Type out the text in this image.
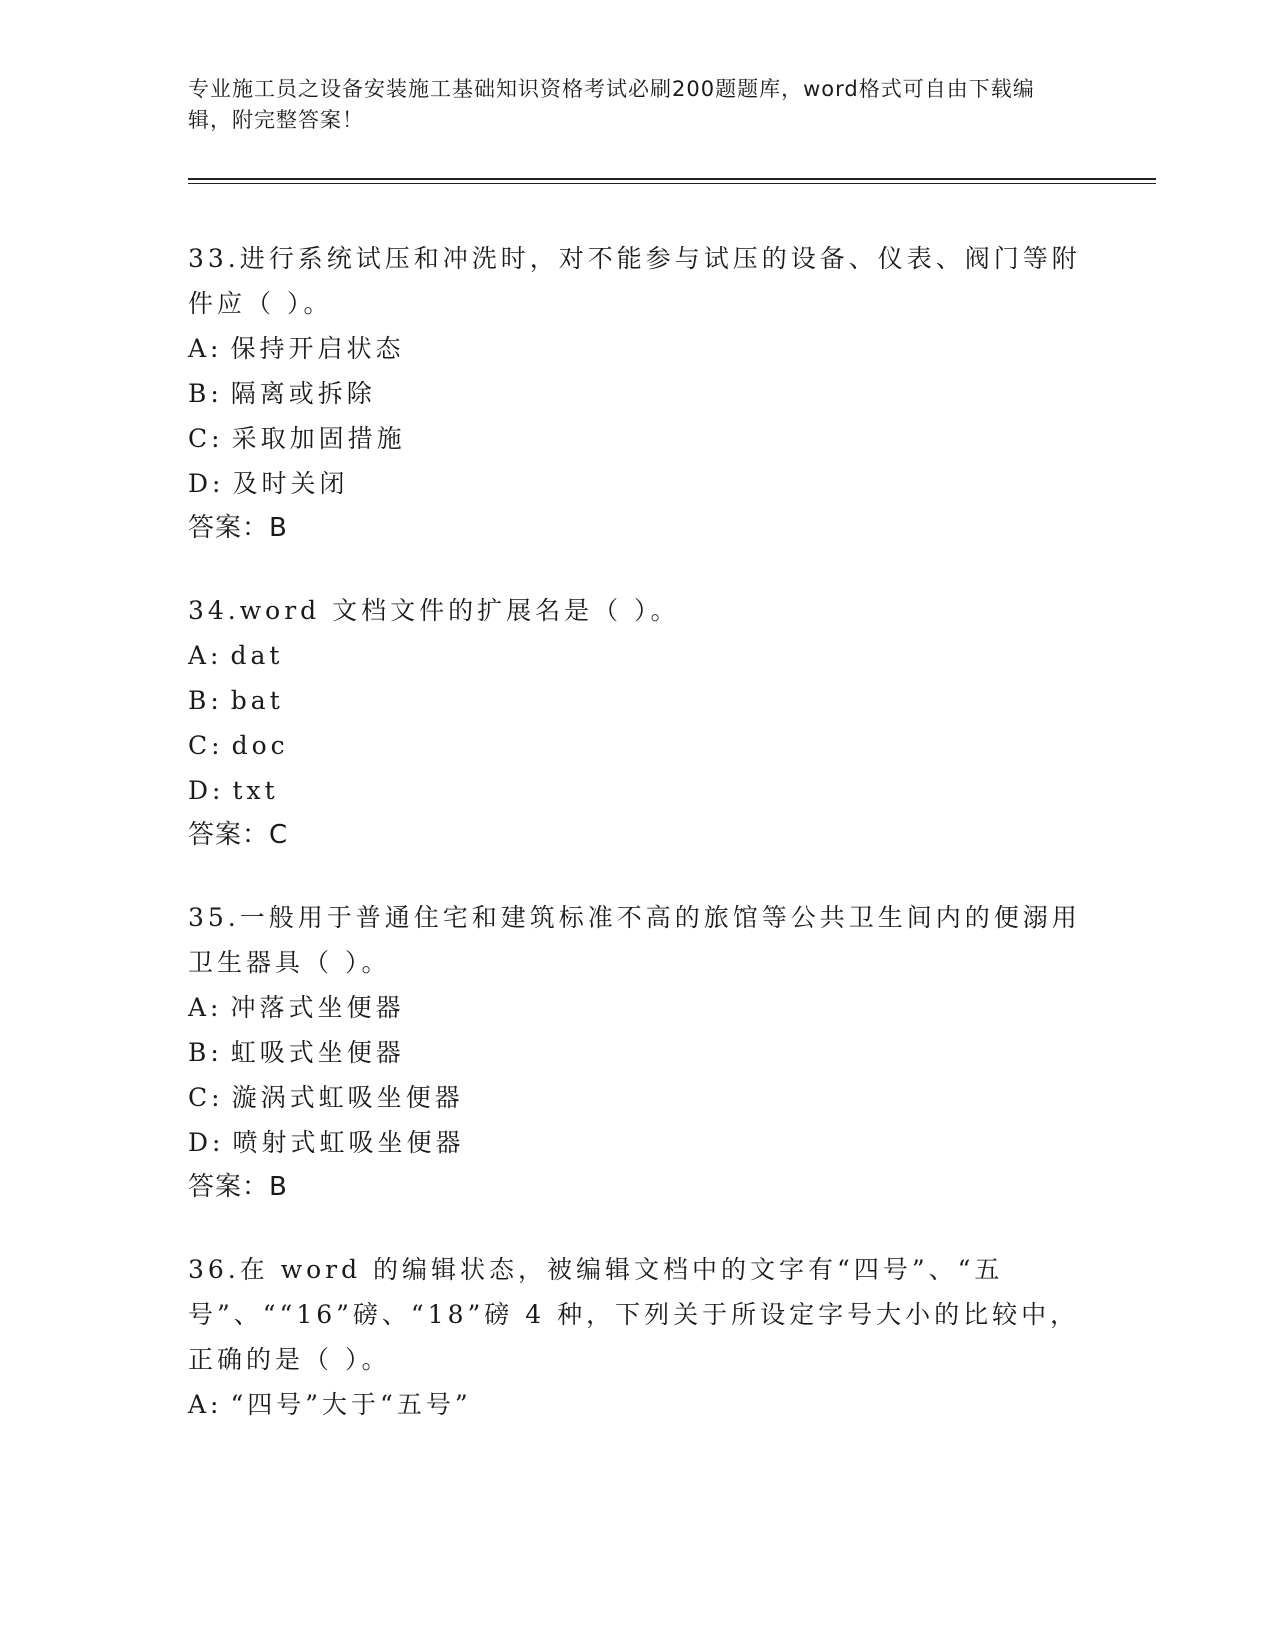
专业施工员之设备安装施工基础知识资格考试必刷200题题库，word格式可自由下载编辑，附完整答案！

33.进行系统试压和冲洗时，对不能参与试压的设备、仪表、阀门等附件应（ ）。

A: 保持开启状态

B: 隔离或拆除

C: 采取加固措施

D: 及时关闭

答案：B

34.word 文档文件的扩展名是（ ）。

A: dat

B: bat

C: doc

D: txt

答案：C

35.一般用于普通住宅和建筑标准不高的旅馆等公共卫生间内的便溺用卫生器具（ ）。

A: 冲落式坐便器

B: 虹吸式坐便器

C: 漩涡式虹吸坐便器

D: 喷射式虹吸坐便器

答案：B

36.在 word 的编辑状态，被编辑文档中的文字有“四号”、“五号”、““16”磅、“18”磅 4 种，下列关于所设定字号大小的比较中，正确的是（ ）。

A: “四号”大于“五号”
